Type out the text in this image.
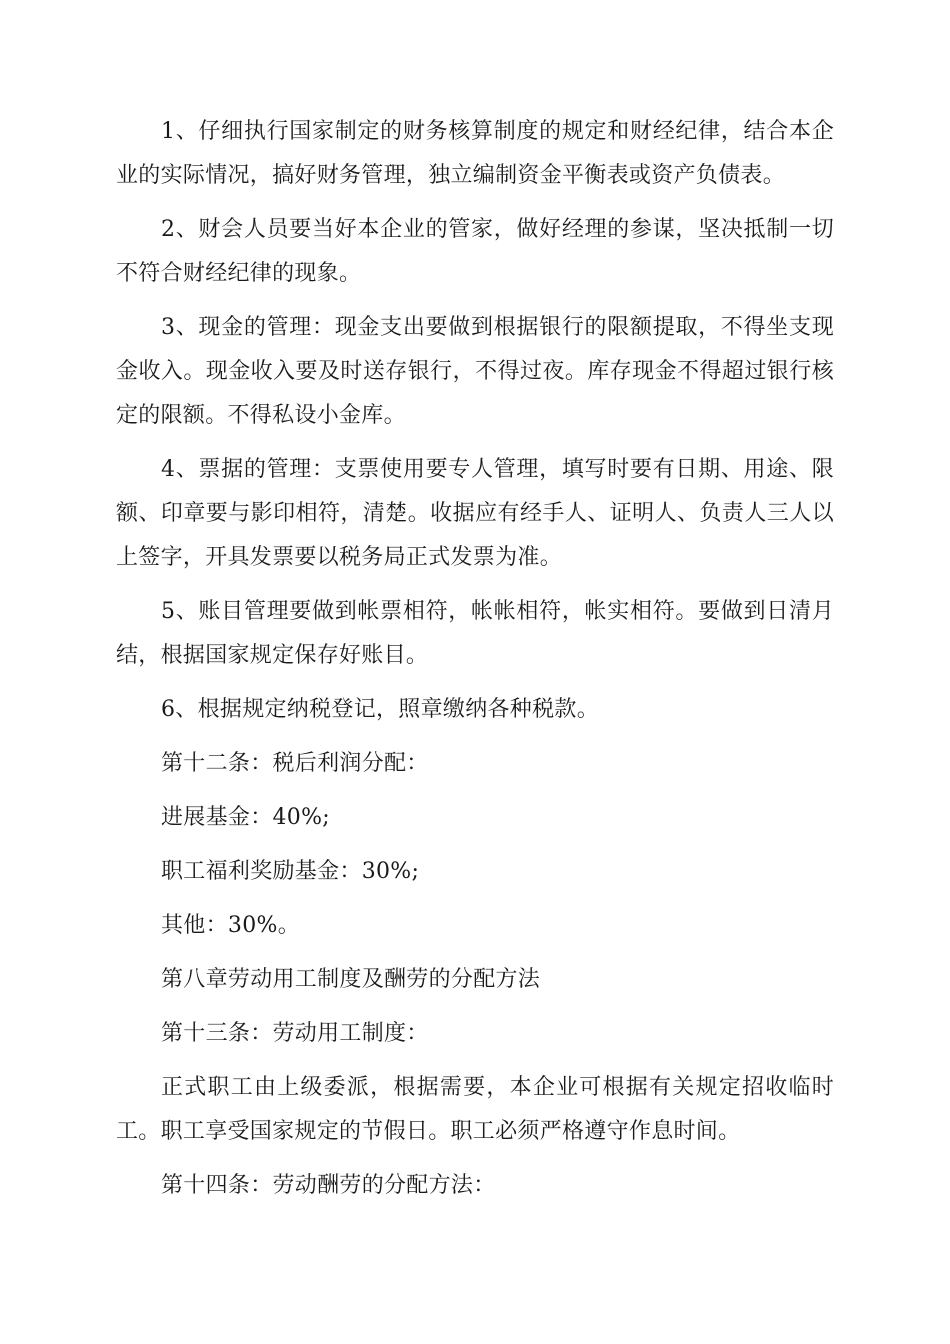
1、仔细执行国家制定的财务核算制度的规定和财经纪律，结合本企业的实际情况，搞好财务管理，独立编制资金平衡表或资产负债表。

2、财会人员要当好本企业的管家，做好经理的参谋，坚决抵制一切不符合财经纪律的现象。

3、现金的管理：现金支出要做到根据银行的限额提取，不得坐支现金收入。现金收入要及时送存银行，不得过夜。库存现金不得超过银行核定的限额。不得私设小金库。

4、票据的管理：支票使用要专人管理，填写时要有日期、用途、限额、印章要与影印相符，清楚。收据应有经手人、证明人、负责人三人以上签字，开具发票要以税务局正式发票为准。

5、账目管理要做到帐票相符，帐帐相符，帐实相符。要做到日清月结，根据国家规定保存好账目。

6、根据规定纳税登记，照章缴纳各种税款。

第十二条：税后利润分配：

进展基金：40%;

职工福利奖励基金：30%;

其他：30%。

第八章劳动用工制度及酬劳的分配方法

第十三条：劳动用工制度：

正式职工由上级委派，根据需要，本企业可根据有关规定招收临时工。职工享受国家规定的节假日。职工必须严格遵守作息时间。

第十四条：劳动酬劳的分配方法：
